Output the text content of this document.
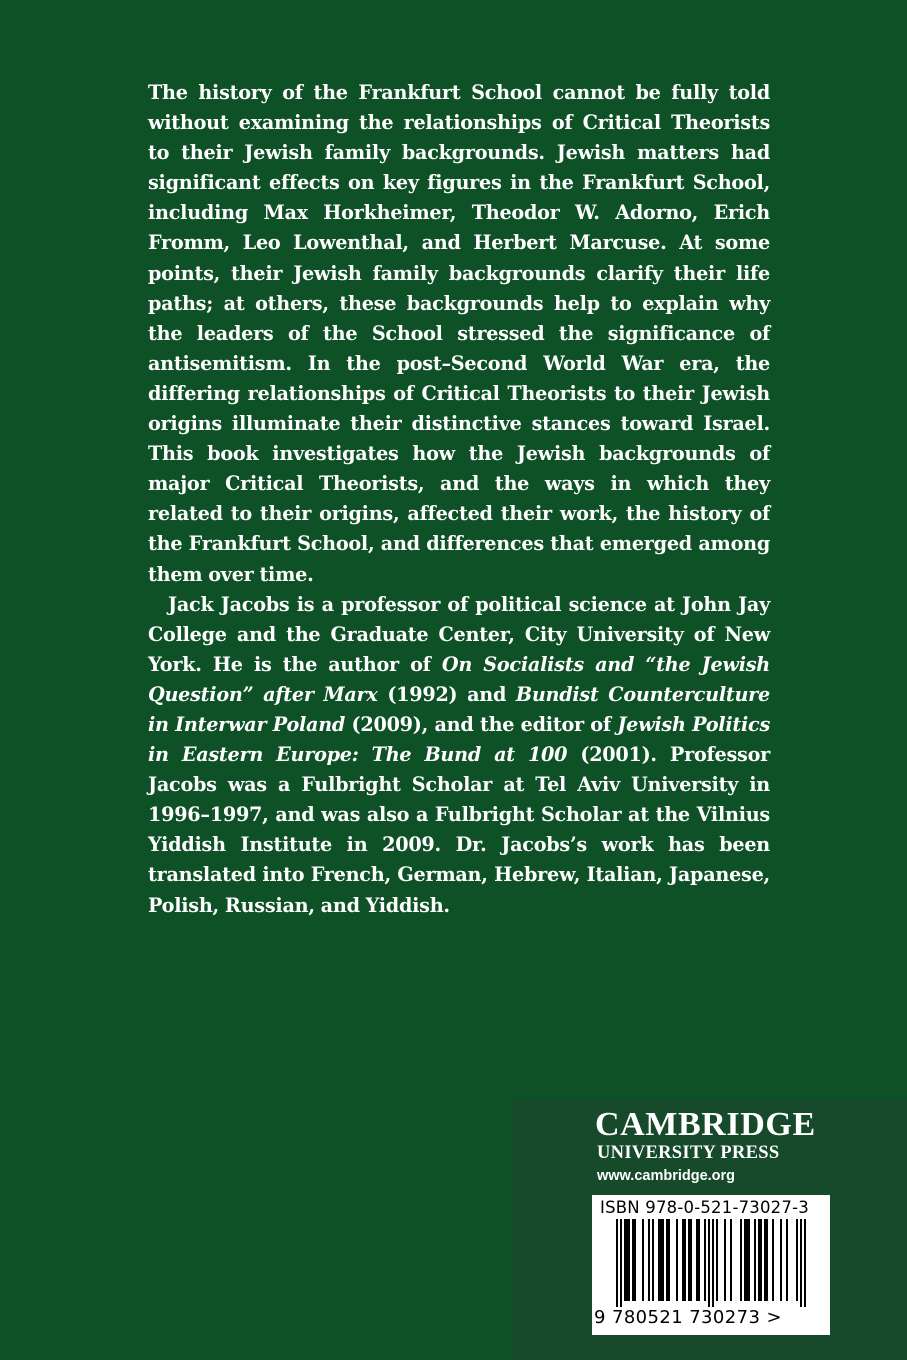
The history of the Frankfurt School cannot be fully told without examining the relationships of Critical Theorists to their Jewish family backgrounds. Jewish matters had significant effects on key figures in the Frankfurt School, including Max Horkheimer, Theodor W. Adorno, Erich Fromm, Leo Lowenthal, and Herbert Marcuse. At some points, their Jewish family backgrounds clarify their life paths; at others, these backgrounds help to explain why the leaders of the School stressed the significance of antisemitism. In the post–Second World War era, the differing relationships of Critical Theorists to their Jewish origins illuminate their distinctive stances toward Israel. This book investigates how the Jewish backgrounds of major Critical Theorists, and the ways in which they related to their origins, affected their work, the history of the Frankfurt School, and differences that emerged among them over time.

Jack Jacobs is a professor of political science at John Jay College and the Graduate Center, City University of New York. He is the author of On Socialists and “the Jewish Question” after Marx (1992) and Bundist Counterculture in Interwar Poland (2009), and the editor of Jewish Politics in Eastern Europe: The Bund at 100 (2001). Professor Jacobs was a Fulbright Scholar at Tel Aviv University in 1996–1997, and was also a Fulbright Scholar at the Vilnius Yiddish Institute in 2009. Dr. Jacobs’s work has been translated into French, German, Hebrew, Italian, Japanese, Polish, Russian, and Yiddish.

CAMBRIDGE
UNIVERSITY PRESS
www.cambridge.org
ISBN 978-0-521-73027-3
9 780521 730273 >
